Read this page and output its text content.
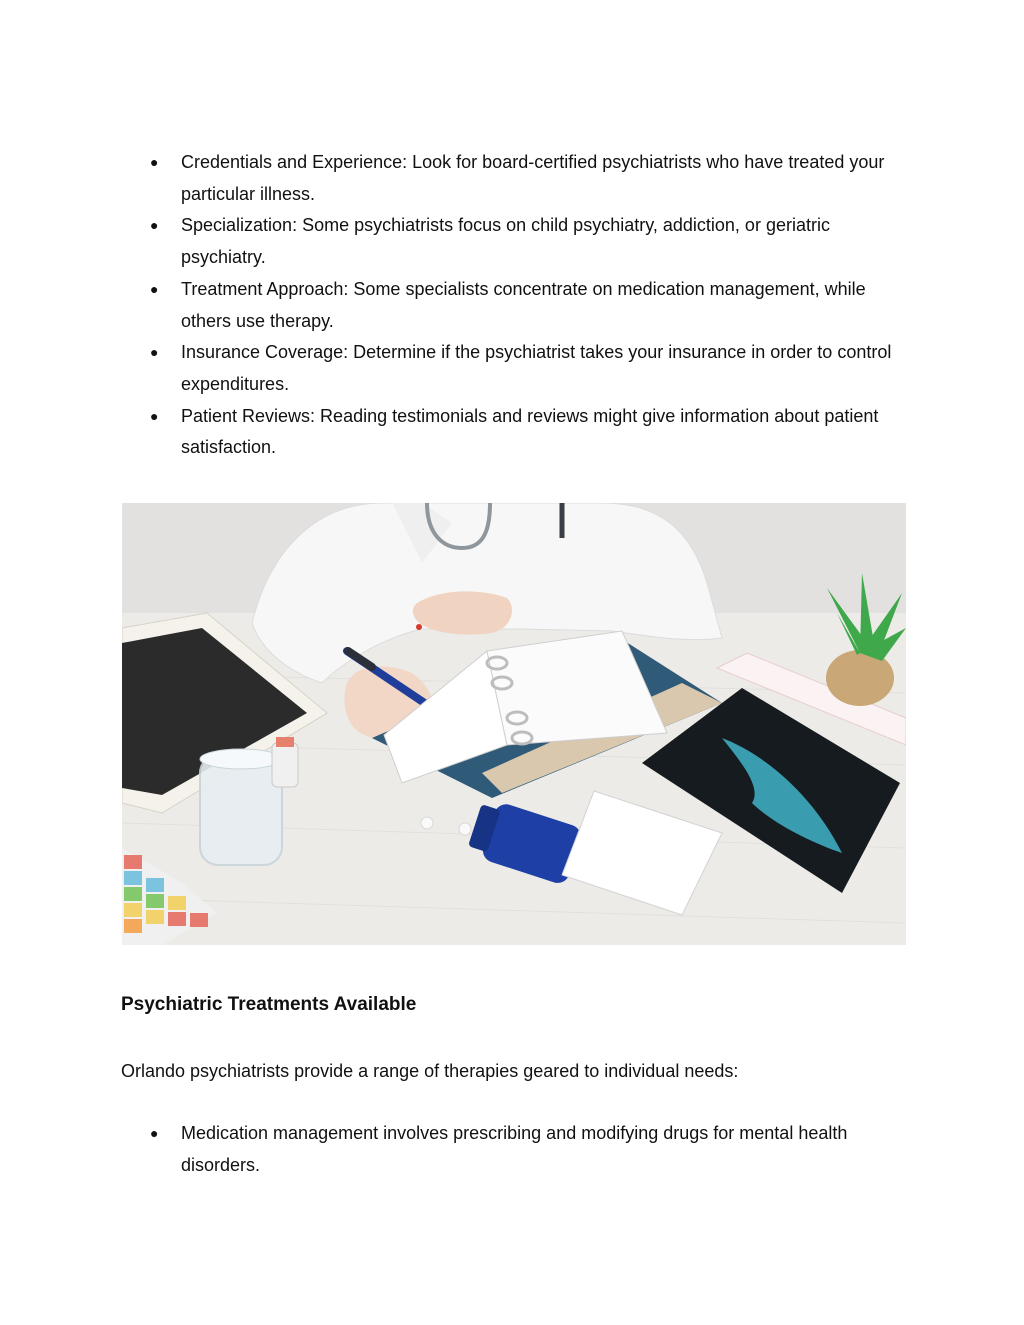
● Credentials and Experience: Look for board-certified psychiatrists who have treated your particular illness.
● Specialization: Some psychiatrists focus on child psychiatry, addiction, or geriatric psychiatry.
● Treatment Approach: Some specialists concentrate on medication management, while others use therapy.
● Insurance Coverage: Determine if the psychiatrist takes your insurance in order to control expenditures.
● Patient Reviews: Reading testimonials and reviews might give information about patient satisfaction.
Psychiatric Treatments Available

Orlando psychiatrists provide a range of therapies geared to individual needs:

● Medication management involves prescribing and modifying drugs for mental health disorders.
